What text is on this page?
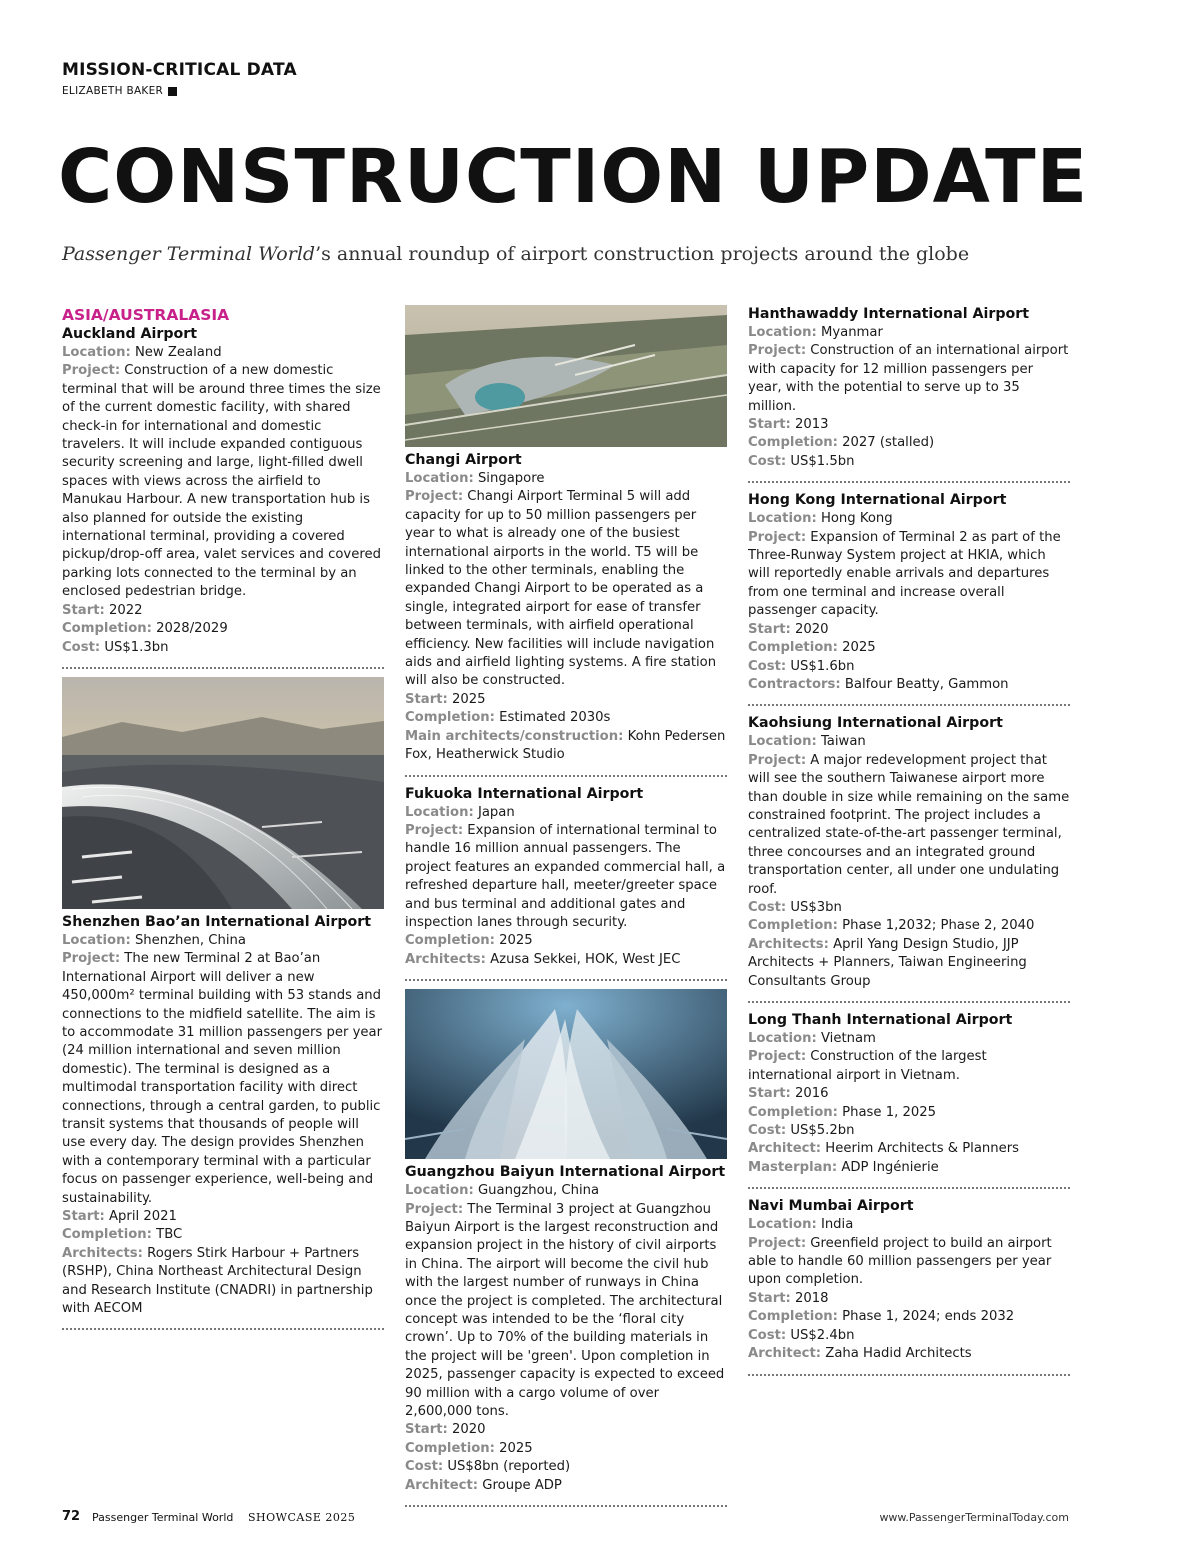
MISSION-CRITICAL DATA
ELIZABETH BAKER
CONSTRUCTION UPDATE
Passenger Terminal World’s annual roundup of airport construction projects around the globe
ASIA/AUSTRALASIA
Auckland Airport
Location: New Zealand
Project: Construction of a new domestic terminal that will be around three times the size of the current domestic facility, with shared check-in for international and domestic travelers. It will include expanded contiguous security screening and large, light-filled dwell spaces with views across the airfield to Manukau Harbour. A new transportation hub is also planned for outside the existing international terminal, providing a covered pickup/drop-off area, valet services and covered parking lots connected to the terminal by an enclosed pedestrian bridge.
Start: 2022
Completion: 2028/2029
Cost: US$1.3bn
Shenzhen Bao’an International Airport
Location: Shenzhen, China
Project: The new Terminal 2 at Bao’an International Airport will deliver a new 450,000m² terminal building with 53 stands and connections to the midfield satellite. The aim is to accommodate 31 million passengers per year (24 million international and seven million domestic). The terminal is designed as a multimodal transportation facility with direct connections, through a central garden, to public transit systems that thousands of people will use every day. The design provides Shenzhen with a contemporary terminal with a particular focus on passenger experience, well-being and sustainability.
Start: April 2021
Completion: TBC
Architects: Rogers Stirk Harbour + Partners (RSHP), China Northeast Architectural Design and Research Institute (CNADRI) in partnership with AECOM
Changi Airport
Location: Singapore
Project: Changi Airport Terminal 5 will add capacity for up to 50 million passengers per year to what is already one of the busiest international airports in the world. T5 will be linked to the other terminals, enabling the expanded Changi Airport to be operated as a single, integrated airport for ease of transfer between terminals, with airfield operational efficiency. New facilities will include navigation aids and airfield lighting systems. A fire station will also be constructed.
Start: 2025
Completion: Estimated 2030s
Main architects/construction: Kohn Pedersen Fox, Heatherwick Studio
Fukuoka International Airport
Location: Japan
Project: Expansion of international terminal to handle 16 million annual passengers. The project features an expanded commercial hall, a refreshed departure hall, meeter/greeter space and bus terminal and additional gates and inspection lanes through security.
Completion: 2025
Architects: Azusa Sekkei, HOK, West JEC
Guangzhou Baiyun International Airport
Location: Guangzhou, China
Project: The Terminal 3 project at Guangzhou Baiyun Airport is the largest reconstruction and expansion project in the history of civil airports in China. The airport will become the civil hub with the largest number of runways in China once the project is completed. The architectural concept was intended to be the ‘floral city crown’. Up to 70% of the building materials in the project will be 'green'. Upon completion in 2025, passenger capacity is expected to exceed 90 million with a cargo volume of over 2,600,000 tons.
Start: 2020
Completion: 2025
Cost: US$8bn (reported)
Architect: Groupe ADP
Hanthawaddy International Airport
Location: Myanmar
Project: Construction of an international airport with capacity for 12 million passengers per year, with the potential to serve up to 35 million.
Start: 2013
Completion: 2027 (stalled)
Cost: US$1.5bn
Hong Kong International Airport
Location: Hong Kong
Project: Expansion of Terminal 2 as part of the Three-Runway System project at HKIA, which will reportedly enable arrivals and departures from one terminal and increase overall passenger capacity.
Start: 2020
Completion: 2025
Cost: US$1.6bn
Contractors: Balfour Beatty, Gammon
Kaohsiung International Airport
Location: Taiwan
Project: A major redevelopment project that will see the southern Taiwanese airport more than double in size while remaining on the same constrained footprint. The project includes a centralized state-of-the-art passenger terminal, three concourses and an integrated ground transportation center, all under one undulating roof.
Cost: US$3bn
Completion: Phase 1,2032; Phase 2, 2040
Architects: April Yang Design Studio, JJP Architects + Planners, Taiwan Engineering Consultants Group
Long Thanh International Airport
Location: Vietnam
Project: Construction of the largest international airport in Vietnam.
Start: 2016
Completion: Phase 1, 2025
Cost: US$5.2bn
Architect: Heerim Architects & Planners
Masterplan: ADP Ingénierie
Navi Mumbai Airport
Location: India
Project: Greenfield project to build an airport able to handle 60 million passengers per year upon completion.
Start: 2018
Completion: Phase 1, 2024; ends 2032
Cost: US$2.4bn
Architect: Zaha Hadid Architects
72 Passenger Terminal World SHOWCASE 2025	www.PassengerTerminalToday.com
